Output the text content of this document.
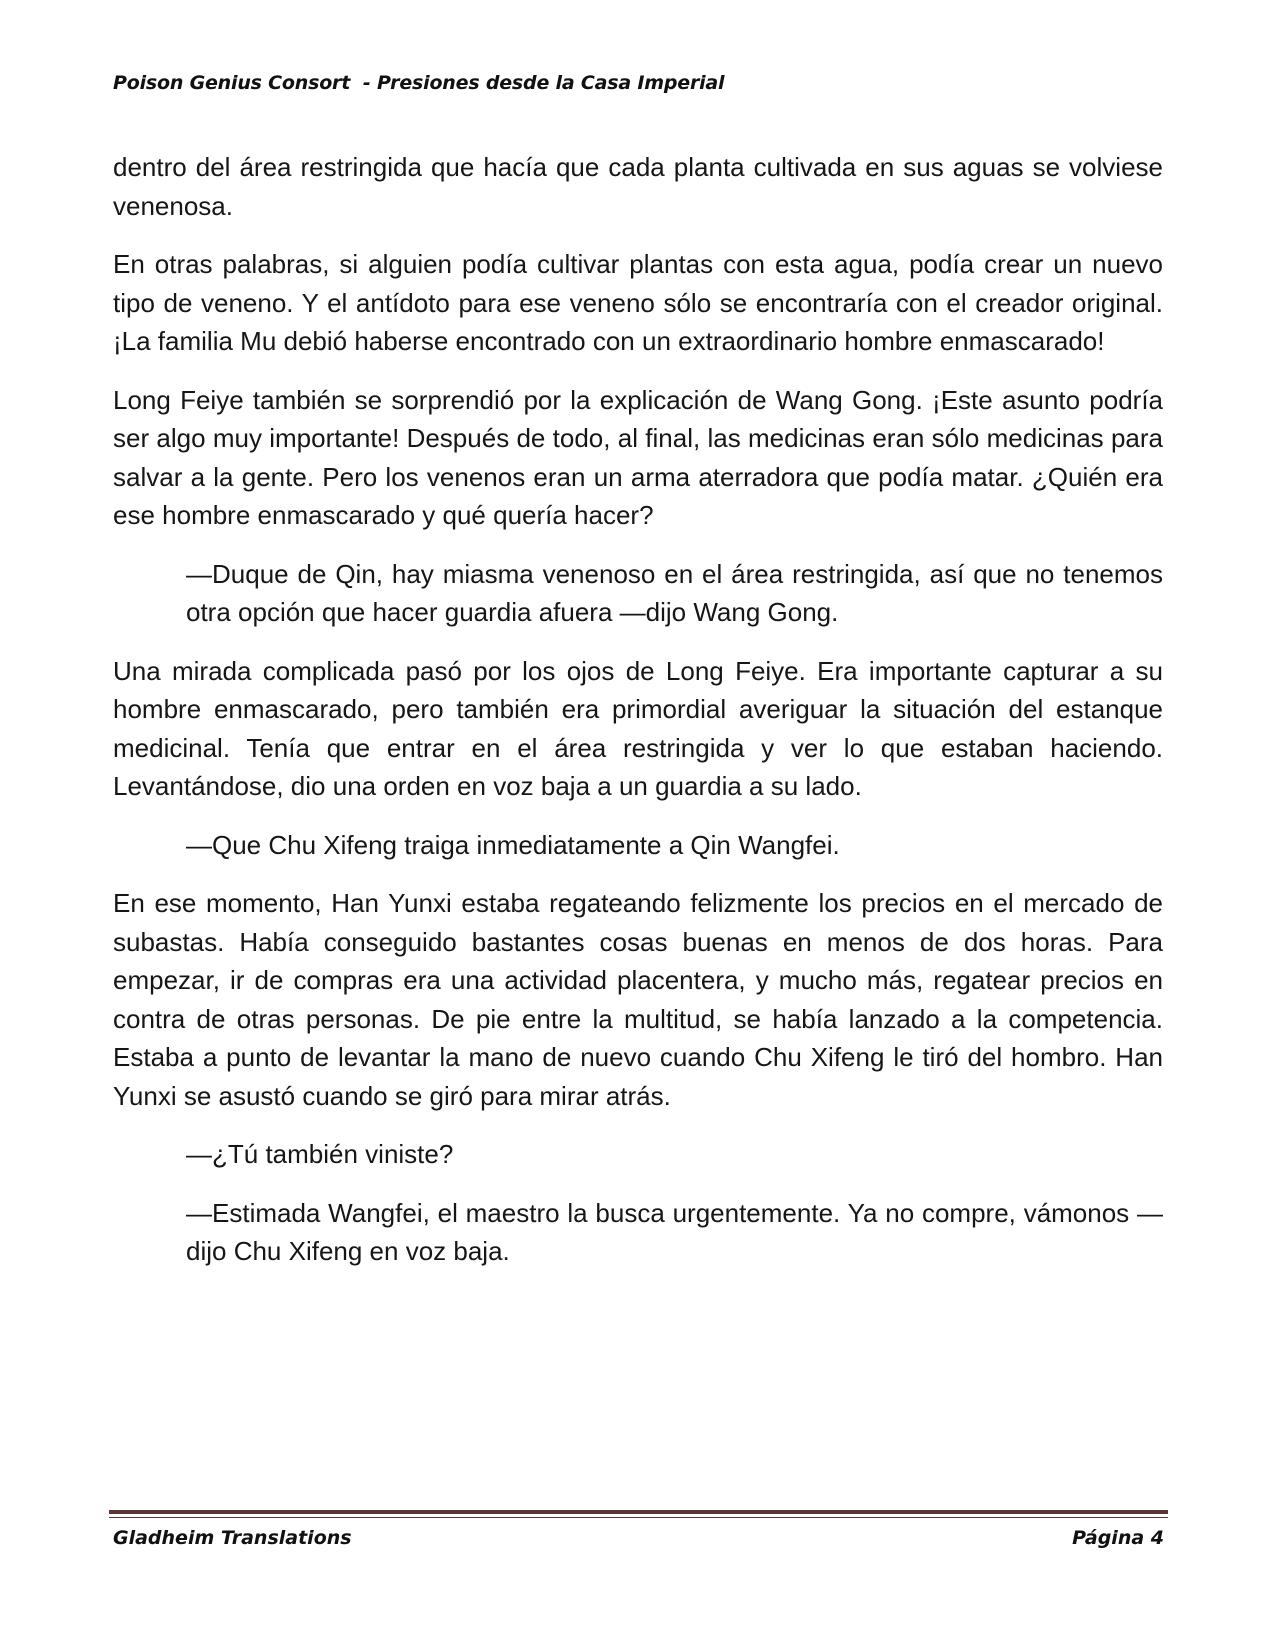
Poison Genius Consort  - Presiones desde la Casa Imperial

dentro del área restringida que hacía que cada planta cultivada en sus aguas se volviese venenosa.

En otras palabras, si alguien podía cultivar plantas con esta agua, podía crear un nuevo tipo de veneno. Y el antídoto para ese veneno sólo se encontraría con el creador original. ¡La familia Mu debió haberse encontrado con un extraordinario hombre enmascarado!

Long Feiye también se sorprendió por la explicación de Wang Gong. ¡Este asunto podría ser algo muy importante! Después de todo, al final, las medicinas eran sólo medicinas para salvar a la gente. Pero los venenos eran un arma aterradora que podía matar. ¿Quién era ese hombre enmascarado y qué quería hacer?

—Duque de Qin, hay miasma venenoso en el área restringida, así que no tenemos otra opción que hacer guardia afuera —dijo Wang Gong.

Una mirada complicada pasó por los ojos de Long Feiye. Era importante capturar a su hombre enmascarado, pero también era primordial averiguar la situación del estanque medicinal. Tenía que entrar en el área restringida y ver lo que estaban haciendo. Levantándose, dio una orden en voz baja a un guardia a su lado.

—Que Chu Xifeng traiga inmediatamente a Qin Wangfei.

En ese momento, Han Yunxi estaba regateando felizmente los precios en el mercado de subastas. Había conseguido bastantes cosas buenas en menos de dos horas. Para empezar, ir de compras era una actividad placentera, y mucho más, regatear precios en contra de otras personas. De pie entre la multitud, se había lanzado a la competencia. Estaba a punto de levantar la mano de nuevo cuando Chu Xifeng le tiró del hombro. Han Yunxi se asustó cuando se giró para mirar atrás.

—¿Tú también viniste?

—Estimada Wangfei, el maestro la busca urgentemente. Ya no compre, vámonos —dijo Chu Xifeng en voz baja.

Gladheim Translations	Página 4
